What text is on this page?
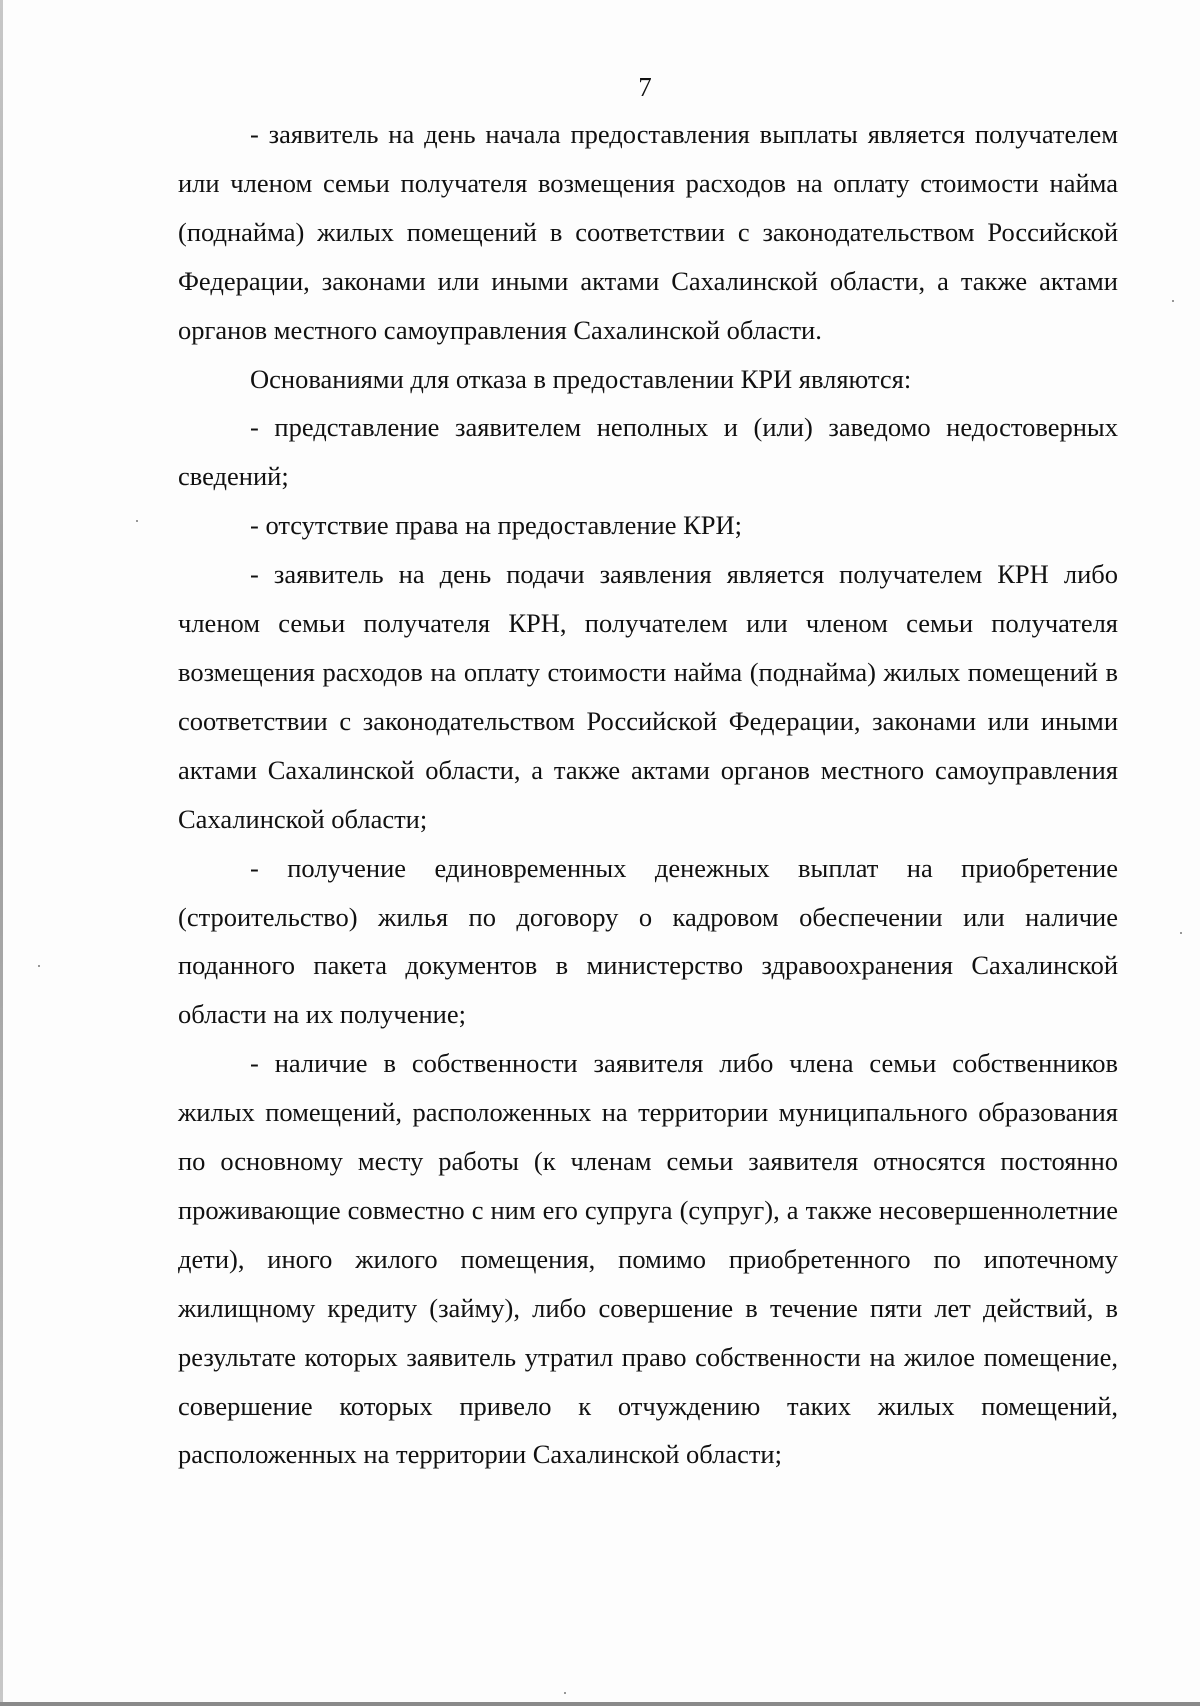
7

- заявитель на день начала предоставления выплаты является получателем или членом семьи получателя возмещения расходов на оплату стоимости найма (поднайма) жилых помещений в соответствии с законодательством Российской Федерации, законами или иными актами Сахалинской области, а также актами органов местного самоуправления Сахалинской области.

Основаниями для отказа в предоставлении КРИ являются:

- представление заявителем неполных и (или) заведомо недостоверных сведений;

- отсутствие права на предоставление КРИ;

- заявитель на день подачи заявления является получателем КРН либо членом семьи получателя КРН, получателем или членом семьи получателя возмещения расходов на оплату стоимости найма (поднайма) жилых помещений в соответствии с законодательством Российской Федерации, законами или иными актами Сахалинской области, а также актами органов местного самоуправления Сахалинской области;

- получение единовременных денежных выплат на приобретение (строительство) жилья по договору о кадровом обеспечении или наличие поданного пакета документов в министерство здравоохранения Сахалинской области на их получение;

- наличие в собственности заявителя либо члена семьи собственников жилых помещений, расположенных на территории муниципального образования по основному месту работы (к членам семьи заявителя относятся постоянно проживающие совместно с ним его супруга (супруг), а также несовершеннолетние дети), иного жилого помещения, помимо приобретенного по ипотечному жилищному кредиту (займу), либо совершение в течение пяти лет действий, в результате которых заявитель утратил право собственности на жилое помещение, совершение которых привело к отчуждению таких жилых помещений, расположенных на территории Сахалинской области;
